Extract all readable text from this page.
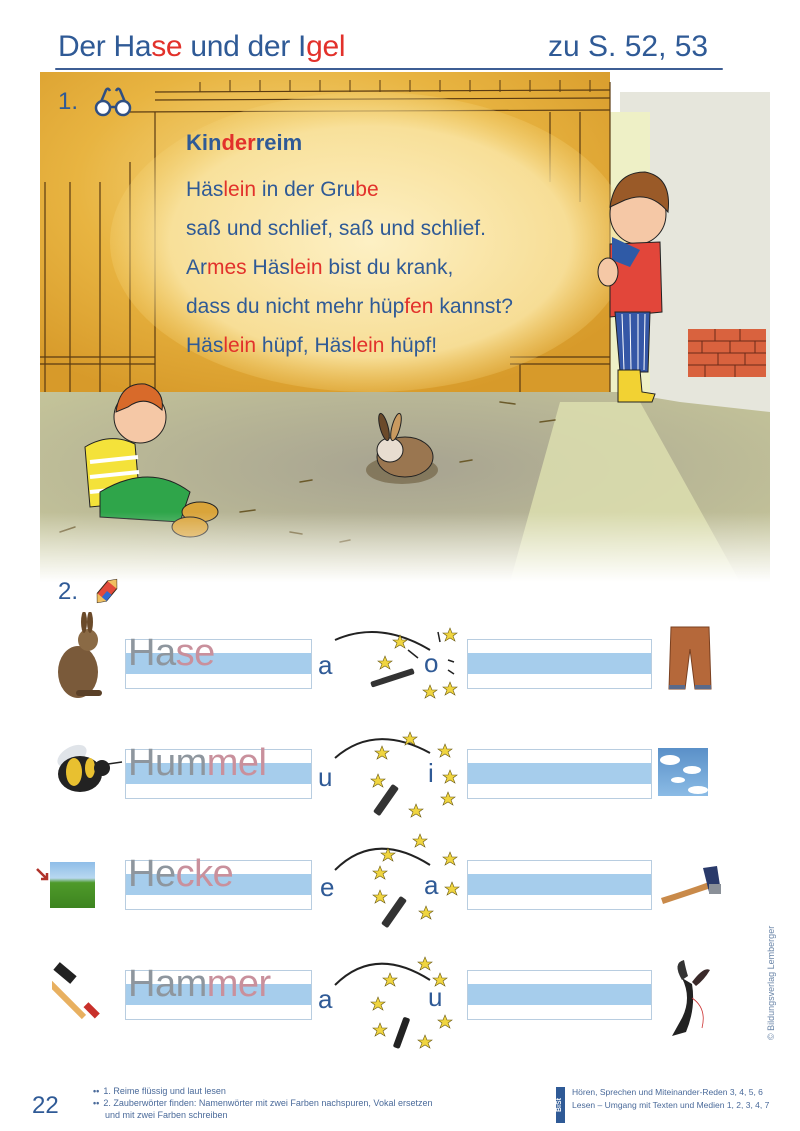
Der Hase und der Igel	zu S. 52, 53
1.
Kinderreim
Häslein in der Grube
saß und schlief, saß und schlief.
Armes Häslein bist du krank,
dass du nicht mehr hüpfen kannst?
Häslein hüpf, Häslein hüpf!
2.
Hase	a	o
Hummel u	i
Hecke	e	a
Hammer a	u
22
•• 1. Reime flüssig und laut lesen
•• 2. Zauberwörter finden: Namenwörter mit zwei Farben nachspuren, Vokal ersetzen
und mit zwei Farben schreiben
BiSt
Hören, Sprechen und Miteinander-Reden 3, 4, 5, 6
Lesen – Umgang mit Texten und Medien 1, 2, 3, 4, 7
© Bildungsverlag Lemberger
